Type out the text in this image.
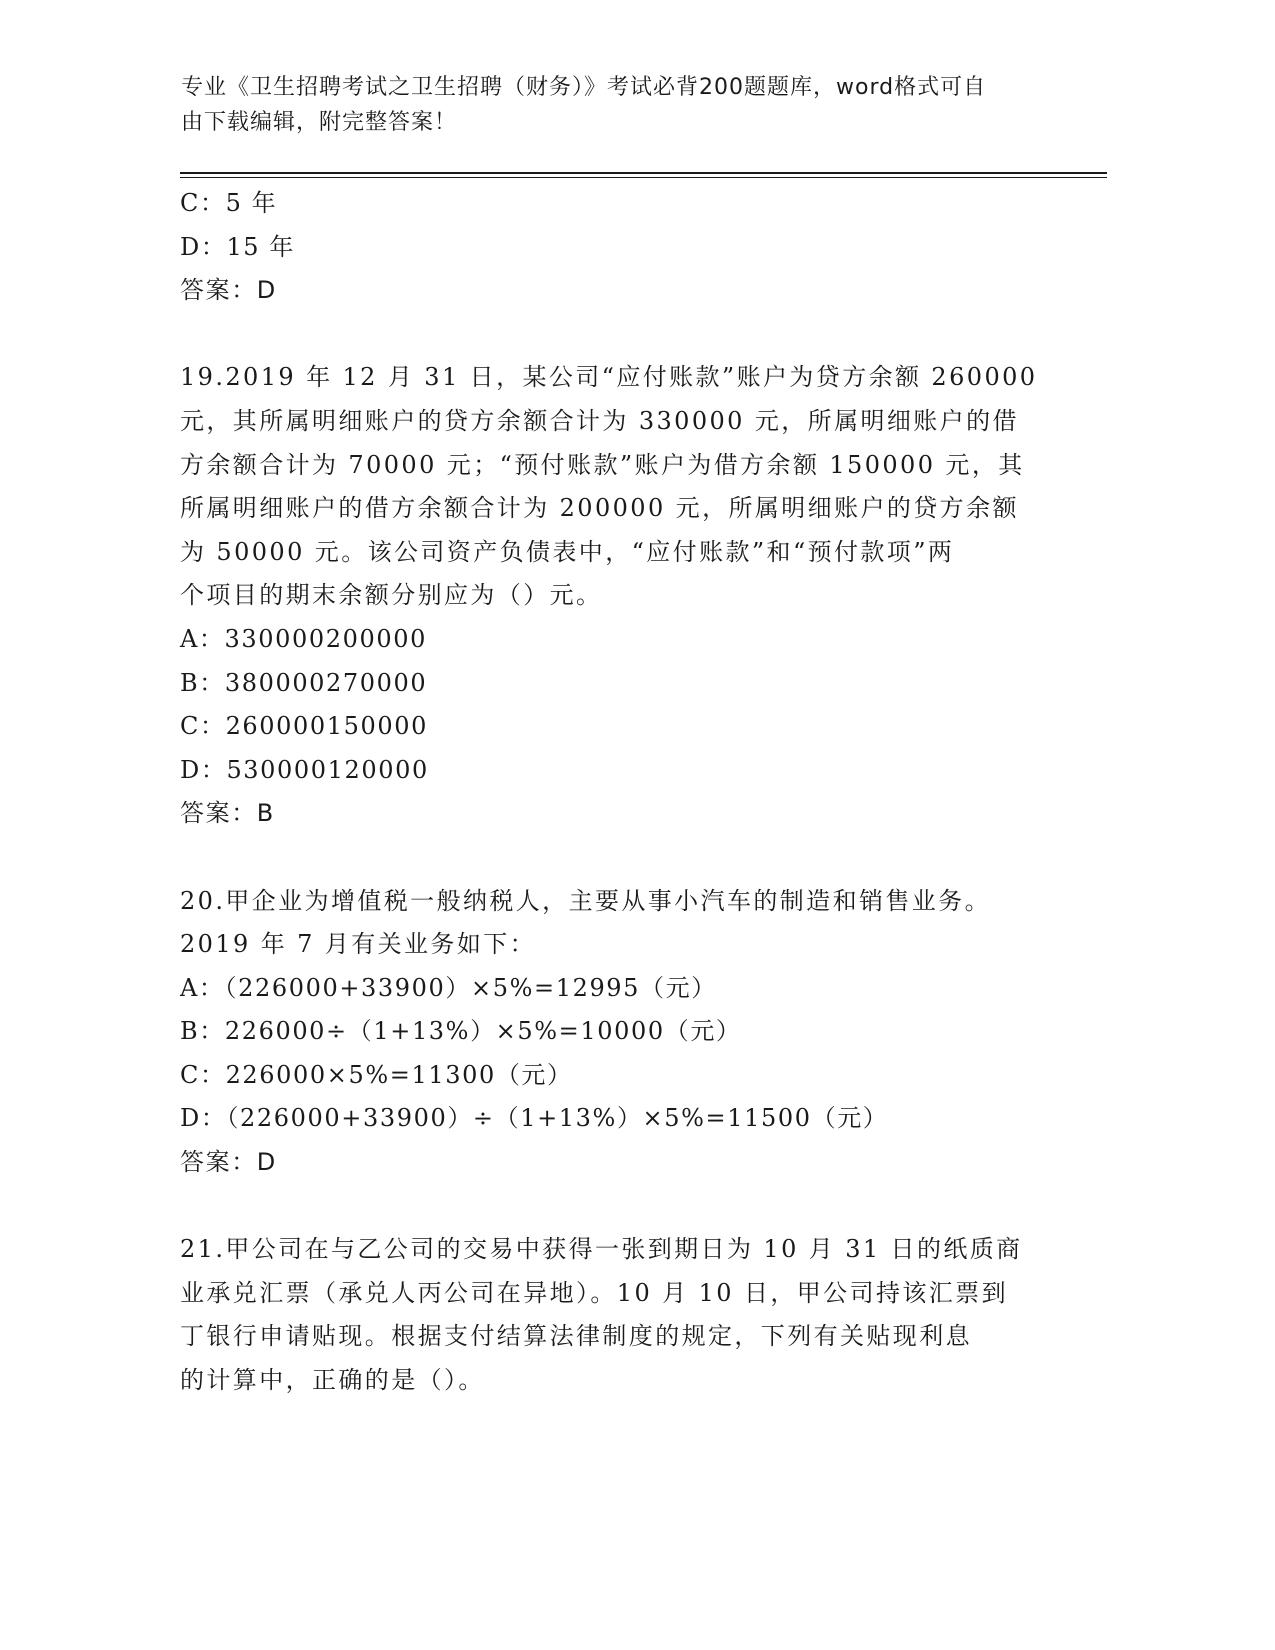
专业《卫生招聘考试之卫生招聘（财务）》考试必背200题题库，word格式可自
由下载编辑，附完整答案！
C：5 年
D：15 年
答案：D
19.2019 年 12 月 31 日，某公司“应付账款”账户为贷方余额 260000
元，其所属明细账户的贷方余额合计为 330000 元，所属明细账户的借
方余额合计为 70000 元；“预付账款”账户为借方余额 150000 元，其
所属明细账户的借方余额合计为 200000 元，所属明细账户的贷方余额
为 50000 元。该公司资产负债表中，“应付账款”和“预付款项”两
个项目的期末余额分别应为（）元。
A：330000200000
B：380000270000
C：260000150000
D：530000120000
答案：B
20.甲企业为增值税一般纳税人，主要从事小汽车的制造和销售业务。
2019 年 7 月有关业务如下：
A：（226000+33900）×5%=12995（元）
B：226000÷（1+13%）×5%=10000（元）
C：226000×5%=11300（元）
D：（226000+33900）÷（1+13%）×5%=11500（元）
答案：D
21.甲公司在与乙公司的交易中获得一张到期日为 10 月 31 日的纸质商
业承兑汇票（承兑人丙公司在异地）。10 月 10 日，甲公司持该汇票到
丁银行申请贴现。根据支付结算法律制度的规定，下列有关贴现利息
的计算中，正确的是（）。
